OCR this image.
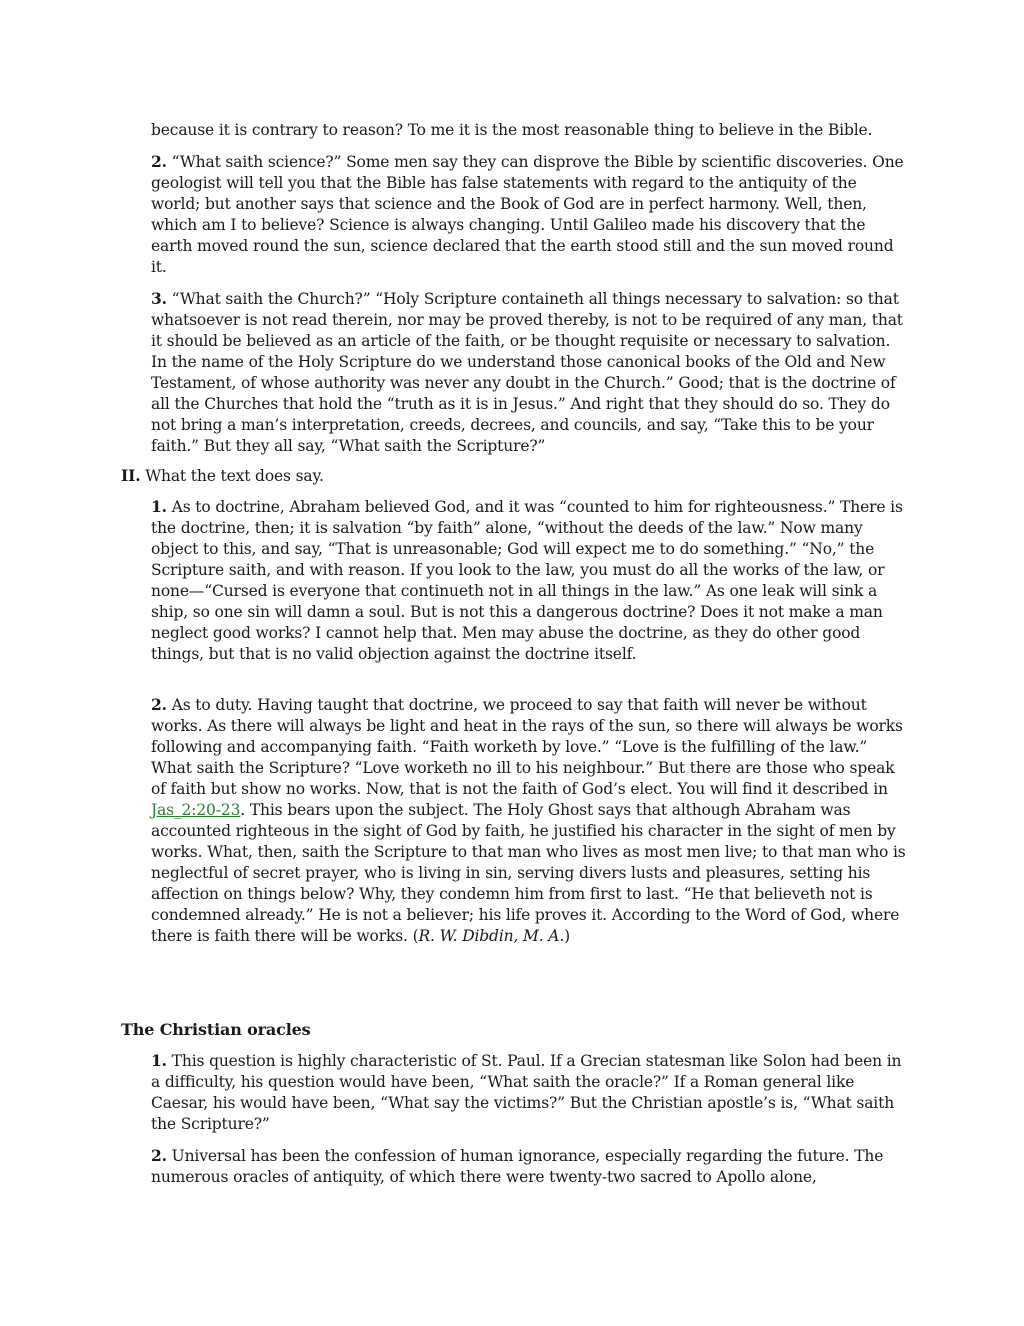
because it is contrary to reason? To me it is the most reasonable thing to believe in the Bible.

2. “What saith science?” Some men say they can disprove the Bible by scientific discoveries. One geologist will tell you that the Bible has false statements with regard to the antiquity of the world; but another says that science and the Book of God are in perfect harmony. Well, then, which am I to believe? Science is always changing. Until Galileo made his discovery that the earth moved round the sun, science declared that the earth stood still and the sun moved round it.

3. “What saith the Church?” “Holy Scripture containeth all things necessary to salvation: so that whatsoever is not read therein, nor may be proved thereby, is not to be required of any man, that it should be believed as an article of the faith, or be thought requisite or necessary to salvation. In the name of the Holy Scripture do we understand those canonical books of the Old and New Testament, of whose authority was never any doubt in the Church.” Good; that is the doctrine of all the Churches that hold the “truth as it is in Jesus.” And right that they should do so. They do not bring a man’s interpretation, creeds, decrees, and councils, and say, “Take this to be your faith.” But they all say, “What saith the Scripture?”

II. What the text does say.

1. As to doctrine, Abraham believed God, and it was “counted to him for righteousness.” There is the doctrine, then; it is salvation “by faith” alone, “without the deeds of the law.” Now many object to this, and say, “That is unreasonable; God will expect me to do something.” “No,” the Scripture saith, and with reason. If you look to the law, you must do all the works of the law, or none—“Cursed is everyone that continueth not in all things in the law.” As one leak will sink a ship, so one sin will damn a soul. But is not this a dangerous doctrine? Does it not make a man neglect good works? I cannot help that. Men may abuse the doctrine, as they do other good things, but that is no valid objection against the doctrine itself.

2. As to duty. Having taught that doctrine, we proceed to say that faith will never be without works. As there will always be light and heat in the rays of the sun, so there will always be works following and accompanying faith. “Faith worketh by love.” “Love is the fulfilling of the law.” What saith the Scripture? “Love worketh no ill to his neighbour.” But there are those who speak of faith but show no works. Now, that is not the faith of God’s elect. You will find it described in Jas_2:20-23. This bears upon the subject. The Holy Ghost says that although Abraham was accounted righteous in the sight of God by faith, he justified his character in the sight of men by works. What, then, saith the Scripture to that man who lives as most men live; to that man who is neglectful of secret prayer, who is living in sin, serving divers lusts and pleasures, setting his affection on things below? Why, they condemn him from first to last. “He that believeth not is condemned already.” He is not a believer; his life proves it. According to the Word of God, where there is faith there will be works. (R. W. Dibdin, M. A.)

The Christian oracles

1. This question is highly characteristic of St. Paul. If a Grecian statesman like Solon had been in a difficulty, his question would have been, “What saith the oracle?” If a Roman general like Caesar, his would have been, “What say the victims?” But the Christian apostle’s is, “What saith the Scripture?”

2. Universal has been the confession of human ignorance, especially regarding the future. The numerous oracles of antiquity, of which there were twenty-two sacred to Apollo alone,
